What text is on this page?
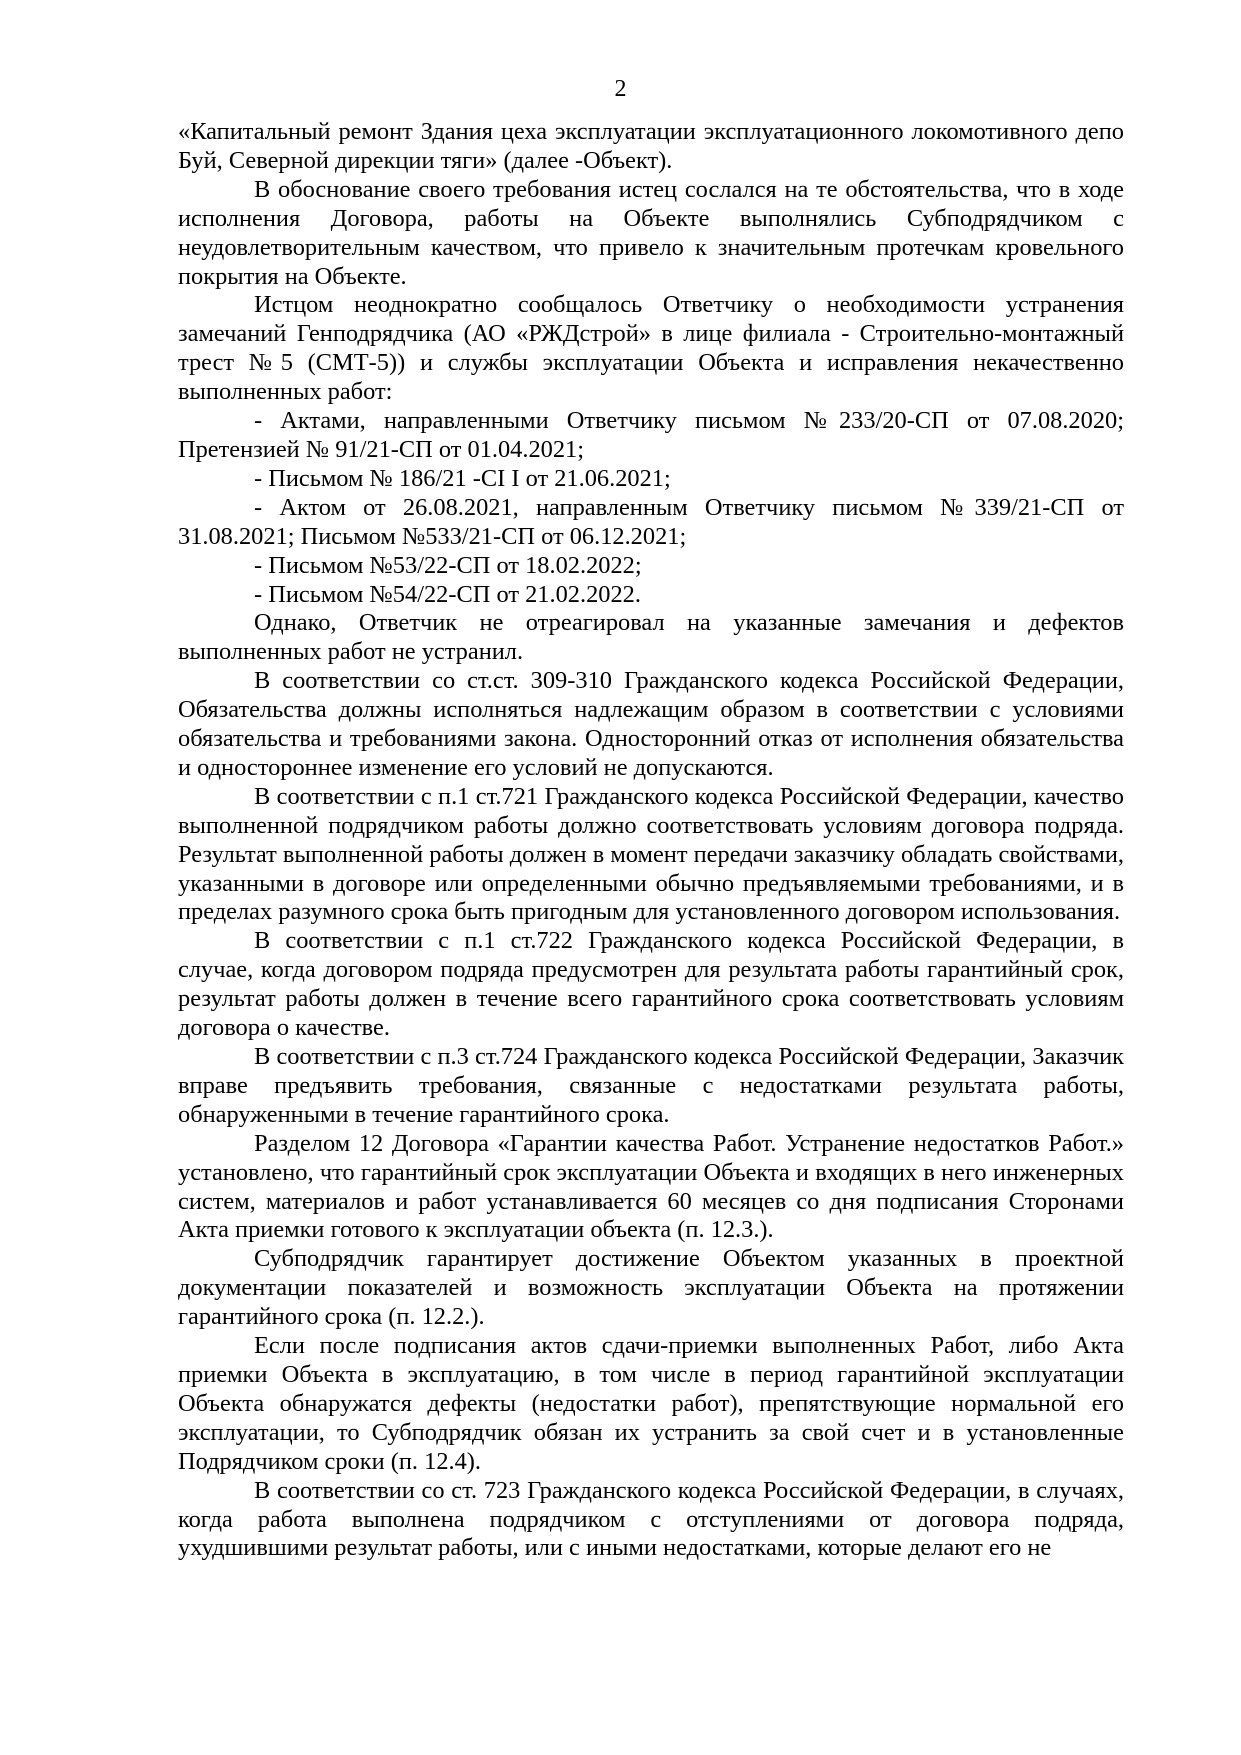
2

«Капитальный ремонт Здания цеха эксплуатации эксплуатационного локомотивного депо Буй, Северной дирекции тяги» (далее -Объект).

В обоснование своего требования истец сослался на те обстоятельства, что в ходе исполнения Договора, работы на Объекте выполнялись Субподрядчиком с неудовлетворительным качеством, что привело к значительным протечкам кровельного покрытия на Объекте.

Истцом неоднократно сообщалось Ответчику о необходимости устранения замечаний Генподрядчика (АО «РЖДстрой» в лице филиала - Строительно-монтажный трест №5 (СМТ-5)) и службы эксплуатации Объекта и исправления некачественно выполненных работ:

- Актами, направленными Ответчику письмом №233/20-СП от 07.08.2020; Претензией № 91/21-СП от 01.04.2021;

- Письмом № 186/21 -СI I от 21.06.2021;

- Актом от 26.08.2021, направленным Ответчику письмом №339/21-СП от 31.08.2021; Письмом №533/21-СП от 06.12.2021;

- Письмом №53/22-СП от 18.02.2022;

- Письмом №54/22-СП от 21.02.2022.

Однако, Ответчик не отреагировал на указанные замечания и дефектов выполненных работ не устранил.

В соответствии со ст.ст. 309-310 Гражданского кодекса Российской Федерации, Обязательства должны исполняться надлежащим образом в соответствии с условиями обязательства и требованиями закона. Односторонний отказ от исполнения обязательства и одностороннее изменение его условий не допускаются.

В соответствии с п.1 ст.721 Гражданского кодекса Российской Федерации, качество выполненной подрядчиком работы должно соответствовать условиям договора подряда. Результат выполненной работы должен в момент передачи заказчику обладать свойствами, указанными в договоре или определенными обычно предъявляемыми требованиями, и в пределах разумного срока быть пригодным для установленного договором использования.

В соответствии с п.1 ст.722 Гражданского кодекса Российской Федерации, в случае, когда договором подряда предусмотрен для результата работы гарантийный срок, результат работы должен в течение всего гарантийного срока соответствовать условиям договора о качестве.

В соответствии с п.3 ст.724 Гражданского кодекса Российской Федерации, Заказчик вправе предъявить требования, связанные с недостатками результата работы, обнаруженными в течение гарантийного срока.

Разделом 12 Договора «Гарантии качества Работ. Устранение недостатков Работ.» установлено, что гарантийный срок эксплуатации Объекта и входящих в него инженерных систем, материалов и работ устанавливается 60 месяцев со дня подписания Сторонами Акта приемки готового к эксплуатации объекта (п. 12.3.).

Субподрядчик гарантирует достижение Объектом указанных в проектной документации показателей и возможность эксплуатации Объекта на протяжении гарантийного срока (п. 12.2.).

Если после подписания актов сдачи-приемки выполненных Работ, либо Акта приемки Объекта в эксплуатацию, в том числе в период гарантийной эксплуатации Объекта обнаружатся дефекты (недостатки работ), препятствующие нормальной его эксплуатации, то Субподрядчик обязан их устранить за свой счет и в установленные Подрядчиком сроки (п. 12.4).

В соответствии со ст. 723 Гражданского кодекса Российской Федерации, в случаях, когда работа выполнена подрядчиком с отступлениями от договора подряда, ухудшившими результат работы, или с иными недостатками, которые делают его не
